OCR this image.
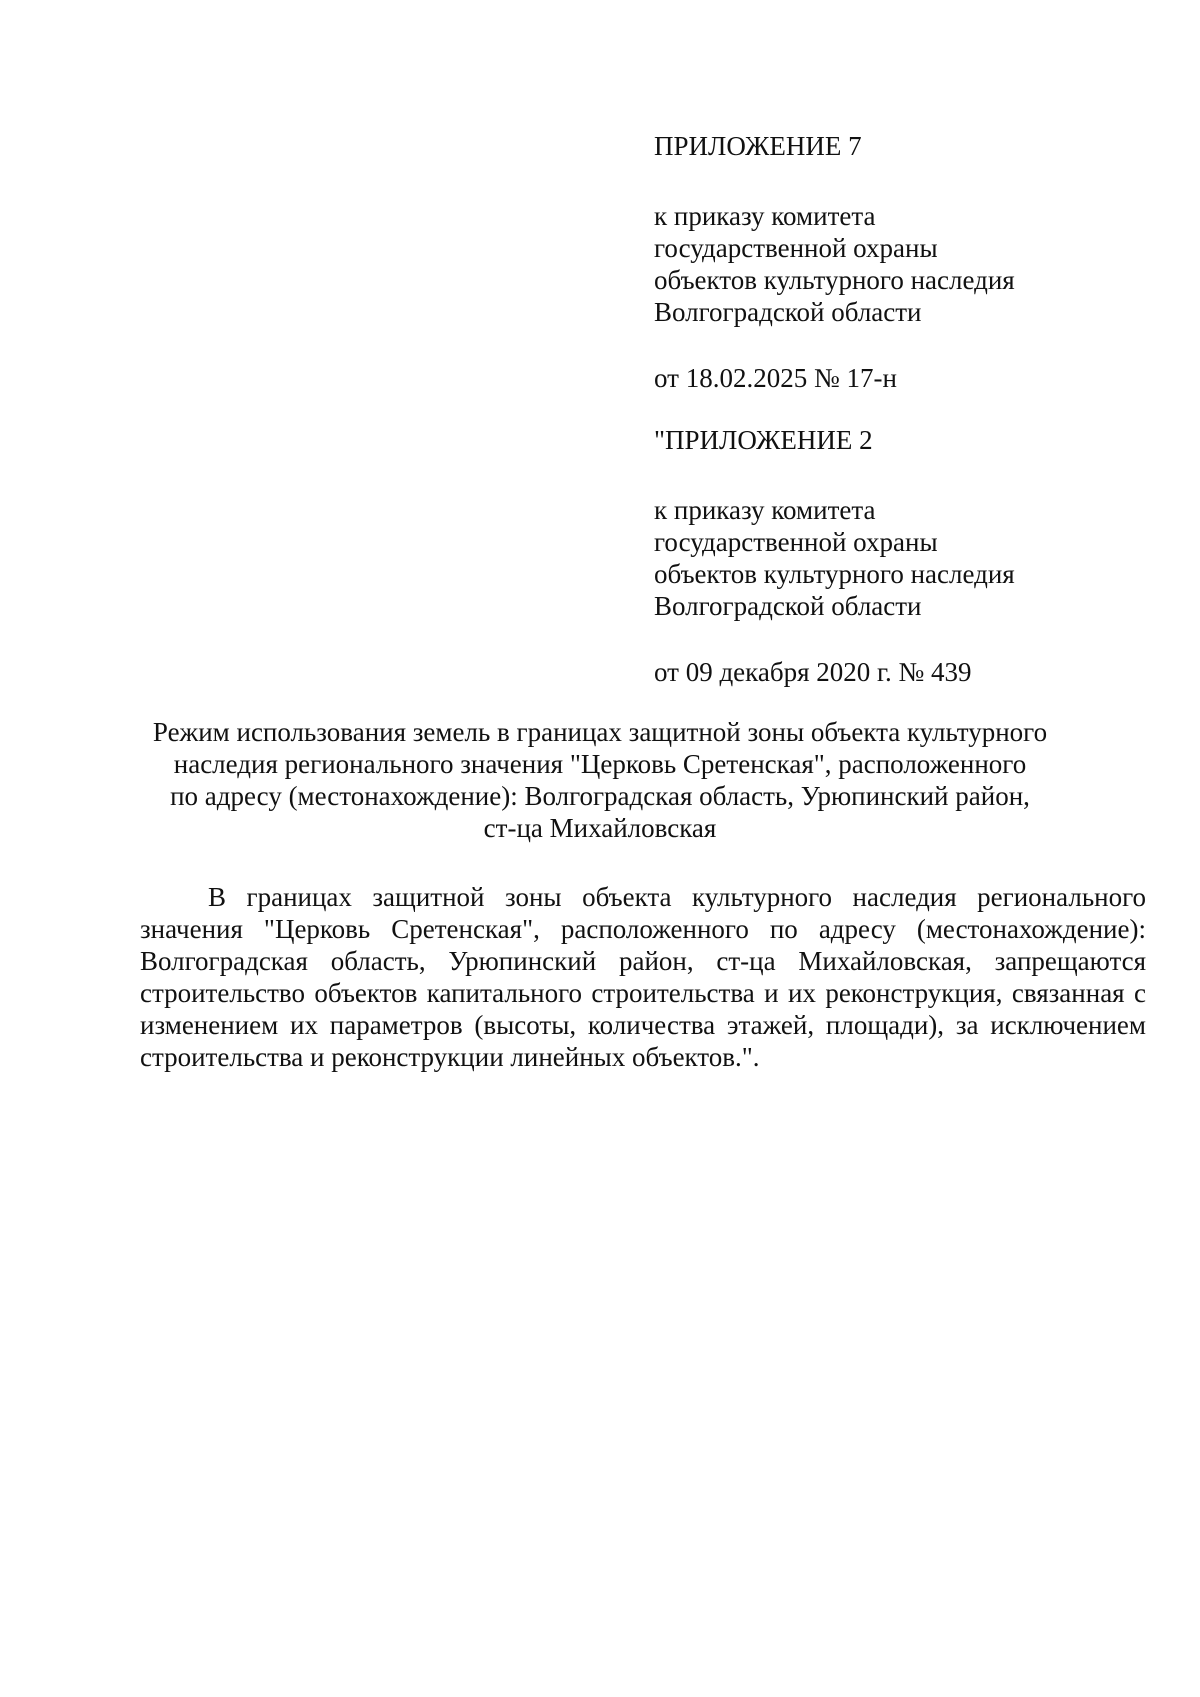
ПРИЛОЖЕНИЕ 7

к приказу комитета
государственной охраны
объектов культурного наследия
Волгоградской области

от 18.02.2025 № 17-н

"ПРИЛОЖЕНИЕ 2

к приказу комитета
государственной охраны
объектов культурного наследия
Волгоградской области

от 09 декабря 2020 г. № 439

Режим использования земель в границах защитной зоны объекта культурного
наследия регионального значения "Церковь Сретенская", расположенного
по адресу (местонахождение): Волгоградская область, Урюпинский район,
ст-ца Михайловская

В границах защитной зоны объекта культурного наследия регионального значения "Церковь Сретенская", расположенного по адресу (местонахождение): Волгоградская область, Урюпинский район, ст-ца Михайловская, запрещаются строительство объектов капитального строительства и их реконструкция, связанная с изменением их параметров (высоты, количества этажей, площади), за исключением строительства и реконструкции линейных объектов.".
